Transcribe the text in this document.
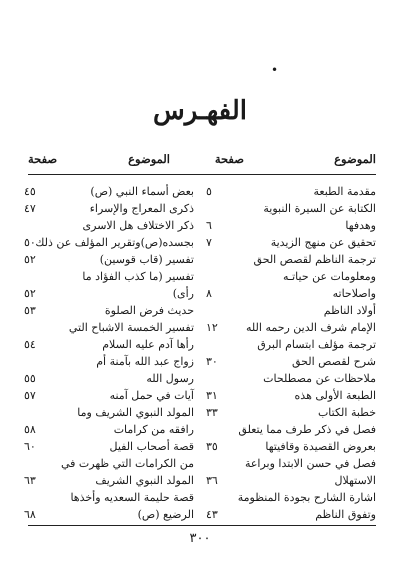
•
الفهـرس
الموضوع
صفحة
الموضوع
صفحة
مقدمة الطبعة
٥
الكتابة عن السيرة النبوية
وهدفها
٦
تحقيق عن منهج الزيدية
٧
ترجمة الناظم لقصص الحق
ومعلومات عن حياتـه
واصلاحاته
٨
أولاد الناظم
الإمام شرف الدين رحمه الله
١٢
ترجمة مؤلف ابتسام البرق
شرح لقصص الحق
٣٠
ملاحظات عن مصطلحات
الطبعة الأولى هذه
٣١
خطبة الكتاب
٣٣
فصل في ذكر طرف مما يتعلق
بعروض القصيدة وقافيتها
٣٥
فصل في حسن الابتدا وبراعة
الاستهلال
٣٦
اشارة الشارح بجودة المنظومة
وتفوق الناظم
٤٣
بعض أسماء النبي (ص)
٤٥
ذكرى المعراج والإسراء
٤٧
ذكر الاختلاف هل الاسرى
بجسده(ص)وتقرير المؤلف عن ذلك
٥٠
تفسير (قاب قوسين)
٥٢
تفسير (ما كذب الفؤاد ما
رأى)
٥٢
حديث فرض الصلوة
٥٣
تفسير الخمسة الاشباح التي
رأها آدم عليه السلام
٥٤
زواج عبد الله بآمنة أم
رسول الله
٥٥
آيات في حمل آمنه
٥٧
المولد النبوي الشريف وما
رافقه من كرامات
٥٨
قصة أصحاب الفيل
٦٠
من الكرامات التي ظهرت في
المولد النبوي الشريف
٦٣
قصة حليمة السعديه وأخذها
الرضيع (ص)
٦٨
٣٠٠
